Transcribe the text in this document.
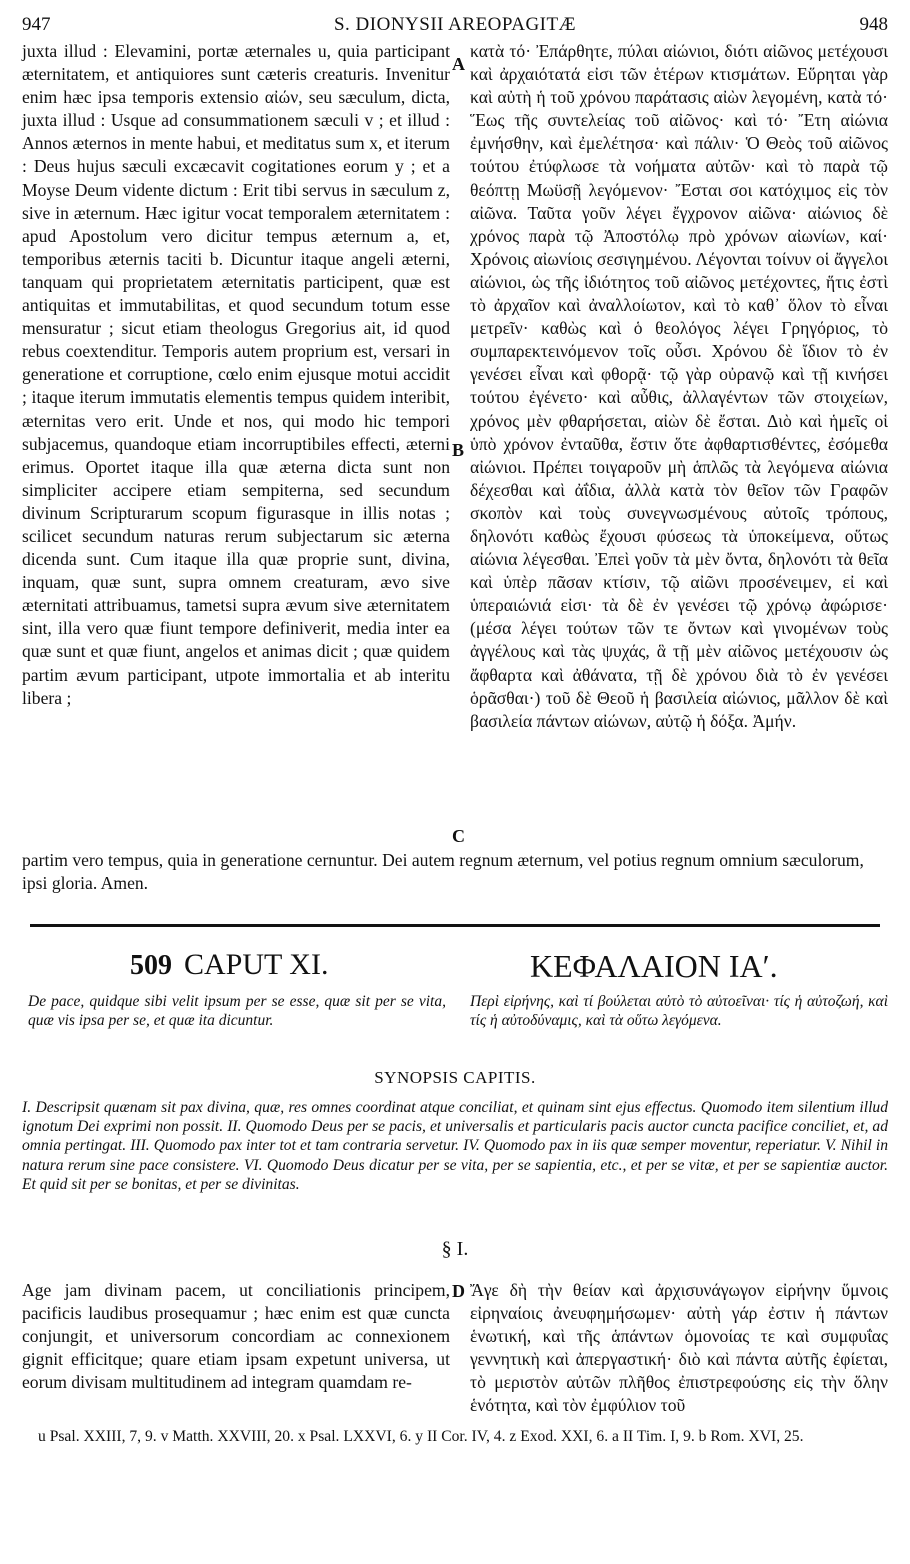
947	S. DIONYSII AREOPAGITÆ	948
juxta illud : Elevamini, portæ æternales u, quia participant æternitatem, et antiquiores sunt cæteris creaturis. Invenitur enim hæc ipsa temporis extensio αἰών, seu sæculum, dicta, juxta illud : Usque ad consummationem sæculi v ; et illud : Annos æternos in mente habui, et meditatus sum x, et iterum : Deus hujus sæculi excæcavit cogitationes eorum y ; et a Moyse Deum vidente dictum : Erit tibi servus in sæculum z, sive in æternum. Hæc igitur vocat temporalem æternitatem : apud Apostolum vero dicitur tempus æternum a, et, temporibus æternis taciti b. Dicuntur itaque angeli æterni, tanquam qui proprietatem æternitatis participent, quæ est antiquitas et immutabilitas, et quod secundum totum esse mensuratur ; sicut etiam theologus Gregorius ait, id quod rebus coextenditur. Temporis autem proprium est, versari in generatione et corruptione, cœlo enim ejusque motui accidit ; itaque iterum immutatis elementis tempus quidem interibit, æternitas vero erit. Unde et nos, qui modo hic tempori subjacemus, quandoque etiam incorruptibiles effecti, æterni erimus. Oportet itaque illa quæ æterna dicta sunt non simpliciter accipere etiam sempiterna, sed secundum divinum Scripturarum scopum figurasque in illis notas ; scilicet secundum naturas rerum subjectarum sic æterna dicenda sunt. Cum itaque illa quæ proprie sunt, divina, inquam, quæ sunt, supra omnem creaturam, ævo sive æternitati attribuamus, tametsi supra ævum sive æternitatem sint, illa vero quæ fiunt tempore definiverit, media inter ea quæ sunt et quæ fiunt, angelos et animas dicit ; quæ quidem partim ævum participant, utpote immortalia et ab interitu libera ;
κατὰ τό· Ἐπάρθητε, πύλαι αἰώνιοι, διότι αἰῶνος μετέχουσι καὶ ἀρχαιότατά εἰσι τῶν ἑτέρων κτισμάτων. Εὕρηται γὰρ καὶ αὐτὴ ἡ τοῦ χρόνου παράτασις αἰὼν λεγομένη, κατὰ τό· Ἕως τῆς συντελείας τοῦ αἰῶνος· καὶ τό· Ἔτη αἰώνια ἐμνήσθην, καὶ ἐμελέτησα· καὶ πάλιν· Ὁ Θεὸς τοῦ αἰῶνος τούτου ἐτύφλωσε τὰ νοήματα αὐτῶν· καὶ τὸ παρὰ τῷ θεόπτῃ Μωϋσῇ λεγόμενον· Ἔσται σοι κατόχιμος εἰς τὸν αἰῶνα. Ταῦτα γοῦν λέγει ἔγχρονον αἰῶνα· αἰώνιος δὲ χρόνος παρὰ τῷ Ἀποστόλῳ πρὸ χρόνων αἰωνίων, καί· Χρόνοις αἰωνίοις σεσιγημένου. Λέγονται τοίνυν οἱ ἄγγελοι αἰώνιοι, ὡς τῆς ἰδιότητος τοῦ αἰῶνος μετέχοντες, ἥτις ἐστὶ τὸ ἀρχαῖον καὶ ἀναλλοίωτον, καὶ τὸ καθ᾽ ὅλον τὸ εἶναι μετρεῖν· καθὼς καὶ ὁ θεολόγος λέγει Γρηγόριος, τὸ συμπαρεκτεινόμενον τοῖς οὖσι. Χρόνου δὲ ἴδιον τὸ ἐν γενέσει εἶναι καὶ φθορᾷ· τῷ γὰρ οὐρανῷ καὶ τῇ κινήσει τούτου ἐγένετο· καὶ αὖθις, ἀλλαγέντων τῶν στοιχείων, χρόνος μὲν φθαρήσεται, αἰὼν δὲ ἔσται. Διὸ καὶ ἡμεῖς οἱ ὑπὸ χρόνον ἐνταῦθα, ἔστιν ὅτε ἀφθαρτισθέντες, ἐσόμεθα αἰώνιοι. Πρέπει τοιγαροῦν μὴ ἁπλῶς τὰ λεγόμενα αἰώνια δέχεσθαι καὶ ἀΐδια, ἀλλὰ κατὰ τὸν θεῖον τῶν Γραφῶν σκοπὸν καὶ τοὺς συνεγνωσμένους αὐτοῖς τρόπους, δηλονότι καθὼς ἔχουσι φύσεως τὰ ὑποκείμενα, οὕτως αἰώνια λέγεσθαι. Ἐπεὶ γοῦν τὰ μὲν ὄντα, δηλονότι τὰ θεῖα καὶ ὑπὲρ πᾶσαν κτίσιν, τῷ αἰῶνι προσένειμεν, εἰ καὶ ὑπεραιώνιά εἰσι· τὰ δὲ ἐν γενέσει τῷ χρόνῳ ἀφώρισε· (μέσα λέγει τούτων τῶν τε ὄντων καὶ γινομένων τοὺς ἀγγέλους καὶ τὰς ψυχάς, ἃ τῇ μὲν αἰῶνος μετέχουσιν ὡς ἄφθαρτα καὶ ἀθάνατα, τῇ δὲ χρόνου διὰ τὸ ἐν γενέσει ὁρᾶσθαι·) τοῦ δὲ Θεοῦ ἡ βασιλεία αἰώνιος, μᾶλλον δὲ καὶ βασιλεία πάντων αἰώνων, αὐτῷ ἡ δόξα. Ἀμήν.
A
B
C
D
partim vero tempus, quia in generatione cernuntur. Dei autem regnum æternum, vel potius regnum omnium sæculorum, ipsi gloria. Amen.
509 CAPUT XI.	ΚΕΦΑΛΑΙΟΝ ΙΑʹ.
De pace, quidque sibi velit ipsum per se esse, quæ sit per se vita, quæ vis ipsa per se, et quæ ita dicuntur.
Περὶ εἰρήνης, καὶ τί βούλεται αὐτὸ τὸ αὐτοεῖναι· τίς ἡ αὐτοζωή, καὶ τίς ἡ αὐτοδύναμις, καὶ τὰ οὕτω λεγόμενα.
SYNOPSIS CAPITIS.
I. Descripsit quænam sit pax divina, quæ, res omnes coordinat atque conciliat, et quinam sint ejus effectus. Quomodo item silentium illud ignotum Dei exprimi non possit. II. Quomodo Deus per se pacis, et universalis et particularis pacis auctor cuncta pacifice conciliet, et, ad omnia pertingat. III. Quomodo pax inter tot et tam contraria servetur. IV. Quomodo pax in iis quæ semper moventur, reperiatur. V. Nihil in natura rerum sine pace consistere. VI. Quomodo Deus dicatur per se vita, per se sapientia, etc., et per se vitæ, et per se sapientiæ auctor. Et quid sit per se bonitas, et per se divinitas.
§ I.
Age jam divinam pacem, ut conciliationis principem, pacificis laudibus prosequamur ; hæc enim est quæ cuncta conjungit, et universorum concordiam ac connexionem gignit efficitque; quare etiam ipsam expetunt universa, ut eorum divisam multitudinem ad integram quamdam re-
Ἄγε δὴ τὴν θείαν καὶ ἀρχισυνάγωγον εἰρήνην ὕμνοις εἰρηναίοις ἀνευφημήσωμεν· αὐτὴ γάρ ἐστιν ἡ πάντων ἑνωτική, καὶ τῆς ἁπάντων ὁμονοίας τε καὶ συμφυΐας γεννητικὴ καὶ ἀπεργαστική· διὸ καὶ πάντα αὐτῆς ἐφίεται, τὸ μεριστὸν αὐτῶν πλῆθος ἐπιστρεφούσης εἰς τὴν ὅλην ἑνότητα, καὶ τὸν ἐμφύλιον τοῦ
u Psal. XXIII, 7, 9. v Matth. XXVIII, 20. x Psal. LXXVI, 6. y II Cor. IV, 4. z Exod. XXI, 6. a II Tim. I, 9. b Rom. XVI, 25.
